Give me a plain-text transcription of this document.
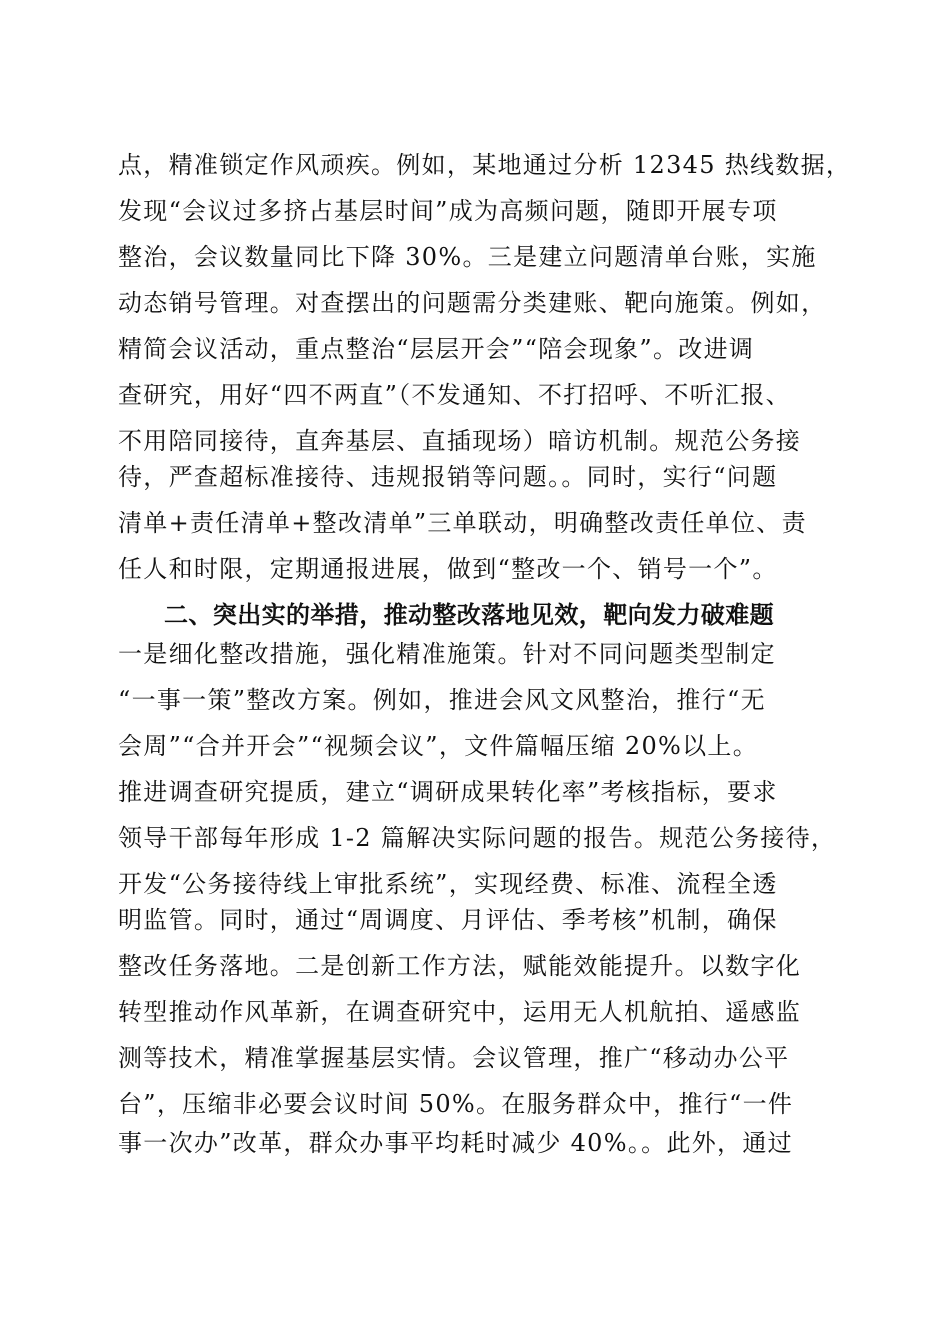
点，精准锁定作风顽疾。例如，某地通过分析 12345 热线数据，

发现“会议过多挤占基层时间”成为高频问题，随即开展专项

整治，会议数量同比下降 30%。三是建立问题清单台账，实施

动态销号管理。对查摆出的问题需分类建账、靶向施策。例如，

精简会议活动，重点整治“层层开会”“陪会现象”。改进调

查研究，用好“四不两直”（不发通知、不打招呼、不听汇报、

不用陪同接待，直奔基层、直插现场）暗访机制。规范公务接

待，严查超标准接待、违规报销等问题。。同时，实行“问题

清单+责任清单+整改清单”三单联动，明确整改责任单位、责

任人和时限，定期通报进展，做到“整改一个、销号一个”。

二、突出实的举措，推动整改落地见效，靶向发力破难题

一是细化整改措施，强化精准施策。针对不同问题类型制定

“一事一策”整改方案。例如，推进会风文风整治，推行“无

会周”“合并开会”“视频会议”，文件篇幅压缩 20%以上。

推进调查研究提质，建立“调研成果转化率”考核指标，要求

领导干部每年形成 1-2 篇解决实际问题的报告。规范公务接待，

开发“公务接待线上审批系统”，实现经费、标准、流程全透

明监管。同时，通过“周调度、月评估、季考核”机制，确保

整改任务落地。二是创新工作方法，赋能效能提升。以数字化

转型推动作风革新，在调查研究中，运用无人机航拍、遥感监

测等技术，精准掌握基层实情。会议管理，推广“移动办公平

台”，压缩非必要会议时间 50%。在服务群众中，推行“一件

事一次办”改革，群众办事平均耗时减少 40%。。此外，通过
